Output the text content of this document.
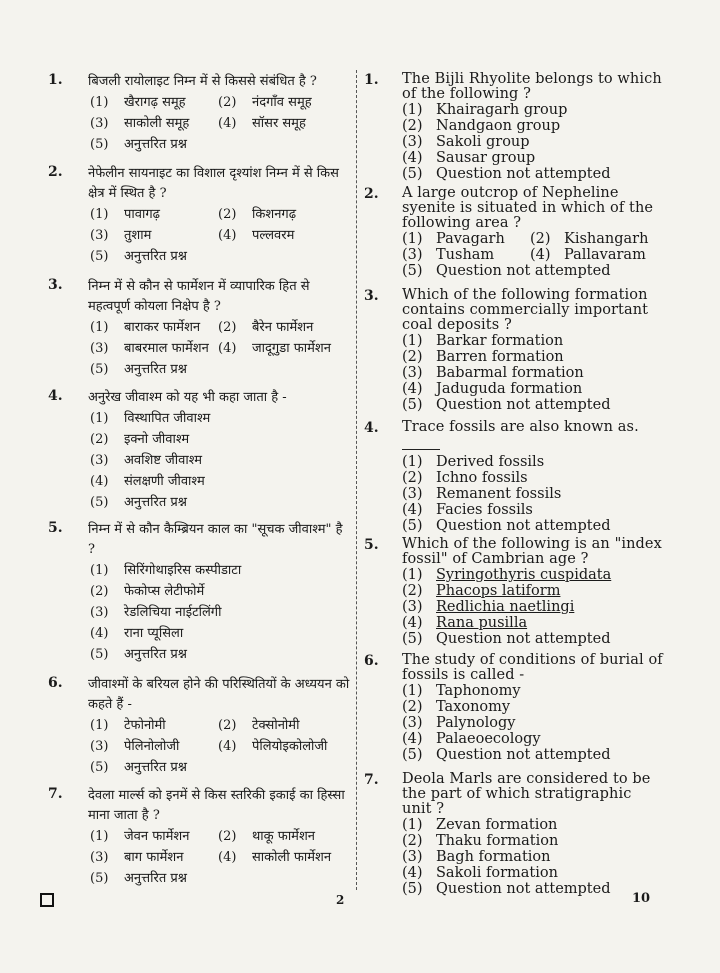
1. बिजली रायोलाइट निम्न में से किससे संबंधित है ?
(1)	खैरागढ़ समूह (2)	नंदगाँव समूह
(3)	साकोली समूह (4)	सॉसर समूह
(5)	अनुत्तरित प्रश्न
2. नेफेलीन सायनाइट का विशाल दृश्यांश निम्न में से किस क्षेत्र में स्थित है ?
(1)	पावागढ़	(2)	किशनगढ़
(3)	तुशाम	(4)	पल्लवरम
(5)	अनुत्तरित प्रश्न
3. निम्न में से कौन से फार्मेशन में व्यापारिक हित से महत्वपूर्ण कोयला निक्षेप है ?
(1)	बाराकर फार्मेशन (2)	बैरेन फार्मेशन
(3)	बाबरमाल फार्मेशन (4)	जादूगुडा फार्मेशन
(5)	अनुत्तरित प्रश्न
4. अनुरेख जीवाश्म को यह भी कहा जाता है -
(1)	विस्थापित जीवाश्म
(2)	इक्नो जीवाश्म
(3)	अवशिष्ट जीवाश्म
(4)	संलक्षणी जीवाश्म
(5)	अनुत्तरित प्रश्न
5. निम्न में से कौन कैम्ब्रियन काल का "सूचक जीवाश्म" है ?
(1)	सिरिंगोथाइरिस कस्पीडाटा
(2)	फेकोप्स लेटीफोर्मे
(3)	रेडलिचिया नाईटलिंगी
(4)	राना प्यूसिला
(5)	अनुत्तरित प्रश्न
6. जीवाश्मों के बरियल होने की परिस्थितियों के अध्ययन को कहते हैं -
(1)	टेफोनोमी	(2)	टेक्सोनोमी
(3)	पेलिनोलोजी	(4)	पेलियोइकोलोजी
(5)	अनुत्तरित प्रश्न
7. देवला मार्ल्स को इनमें से किस स्तरिकी इकाई का हिस्सा माना जाता है ?
(1)	जेवन फार्मेशन (2)	थाकू फार्मेशन
(3)	बाग फार्मेशन	(4)	साकोली फार्मेशन
(5)	अनुत्तरित प्रश्न
1. The Bijli Rhyolite belongs to which of the following ?
(1) Khairagarh group
(2) Nandgaon group
(3) Sakoli group
(4) Sausar group
(5) Question not attempted
2. A large outcrop of Nepheline syenite is situated in which of the following area ?
(1) Pavagarh (2) Kishangarh
(3) Tusham (4) Pallavaram
(5) Question not attempted
3. Which of the following formation contains commercially important coal deposits ?
(1) Barkar formation
(2) Barren formation
(3) Babarmal formation
(4) Jaduguda formation
(5) Question not attempted
4. Trace fossils are also known as.
(1) Derived fossils
(2) Ichno fossils
(3) Remanent fossils
(4) Facies fossils
(5) Question not attempted
5. Which of the following is an "index fossil" of Cambrian age ?
(1) Syringothyris cuspidata
(2) Phacops latiform
(3) Redlichia naetlingi
(4) Rana pusilla
(5) Question not attempted
6. The study of conditions of burial of fossils is called -
(1) Taphonomy
(2) Taxonomy
(3) Palynology
(4) Palaeoecology
(5) Question not attempted
7. Deola Marls are considered to be the part of which stratigraphic unit ?
(1) Zevan formation
(2) Thaku formation
(3) Bagh formation
(4) Sakoli formation
(5) Question not attempted
2	10
